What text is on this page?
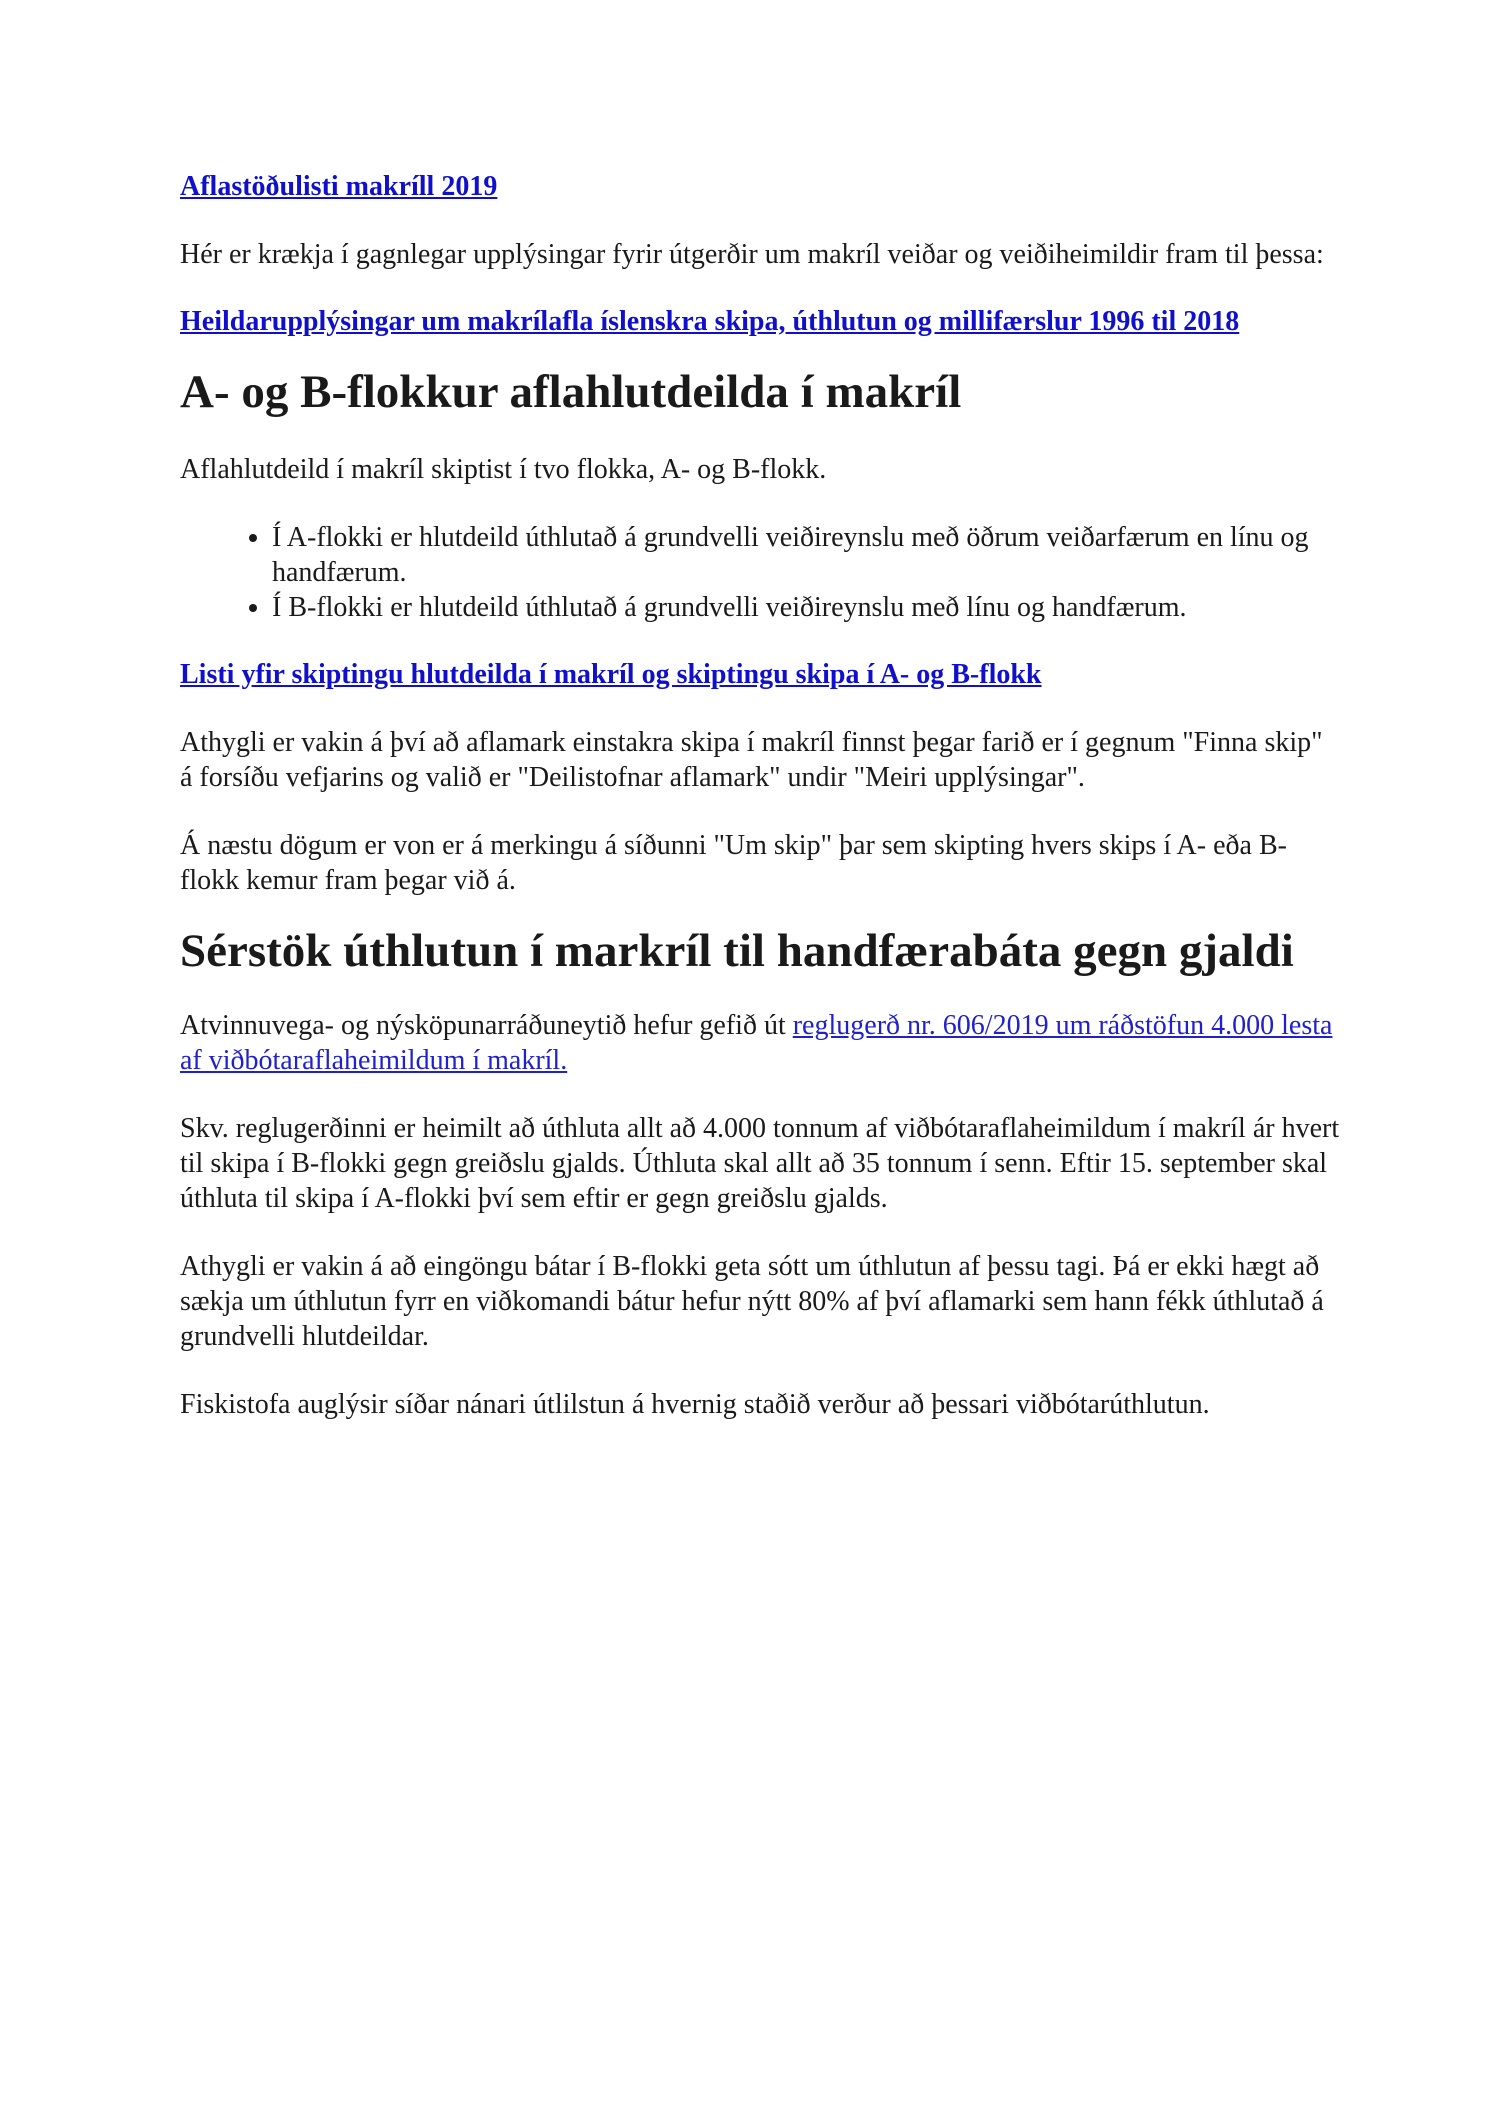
Aflastöðulisti makríll 2019

Hér er krækja í gagnlegar upplýsingar fyrir útgerðir um makríl veiðar og veiðiheimildir fram til þessa:

Heildarupplýsingar um makrílafla íslenskra skipa, úthlutun og millifærslur 1996 til 2018

A- og B-flokkur aflahlutdeilda í makríl

Aflahlutdeild í makríl skiptist í tvo flokka, A- og B-flokk.

• Í A-flokki er hlutdeild úthlutað á grundvelli veiðireynslu með öðrum veiðarfærum en línu og handfærum.
• Í B-flokki er hlutdeild úthlutað á grundvelli veiðireynslu með línu og handfærum.

Listi yfir skiptingu hlutdeilda í makríl og skiptingu skipa í A- og B-flokk

Athygli er vakin á því að aflamark einstakra skipa í makríl finnst þegar farið er í gegnum "Finna skip" á forsíðu vefjarins og valið er "Deilistofnar aflamark" undir "Meiri upplýsingar".

Á næstu dögum er von er á merkingu á síðunni "Um skip" þar sem skipting hvers skips í A- eða B-flokk kemur fram þegar við á.

Sérstök úthlutun í markríl til handfærabáta gegn gjaldi

Atvinnuvega- og nýsköpunarráðuneytið hefur gefið út reglugerð nr. 606/2019 um ráðstöfun 4.000 lesta af viðbótaraflaheimildum í makríl.

Skv. reglugerðinni er heimilt að úthluta allt að 4.000 tonnum af viðbótaraflaheimildum í makríl ár hvert til skipa í B-flokki gegn greiðslu gjalds. Úthluta skal allt að 35 tonnum í senn. Eftir 15. september skal úthluta til skipa í A-flokki því sem eftir er gegn greiðslu gjalds.

Athygli er vakin á að eingöngu bátar í B-flokki geta sótt um úthlutun af þessu tagi. Þá er ekki hægt að sækja um úthlutun fyrr en viðkomandi bátur hefur nýtt 80% af því aflamarki sem hann fékk úthlutað á grundvelli hlutdeildar.

Fiskistofa auglýsir síðar nánari útlilstun á hvernig staðið verður að þessari viðbótarúthlutun.
